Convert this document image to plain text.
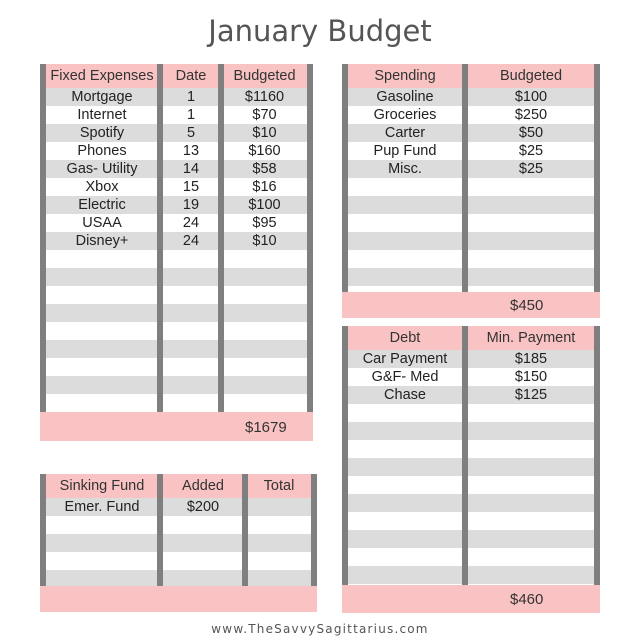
January Budget
Fixed Expenses	Date	Budgeted
Mortgage	1	$1160
Internet	1	$70
Spotify	5	$10
Phones	13	$160
Gas- Utility	14	$58
Xbox	15	$16
Electric	19	$100
USAA	24	$95
Disney+	24	$10
$1679
Spending	Budgeted
Gasoline	$100
Groceries	$250
Carter	$50
Pup Fund	$25
Misc.	$25
$450
Debt	Min. Payment
Car Payment	$185
G&F- Med	$150
Chase	$125
$460
Sinking Fund	Added	Total
Emer. Fund	$200
www.TheSavvySagittarius.com
